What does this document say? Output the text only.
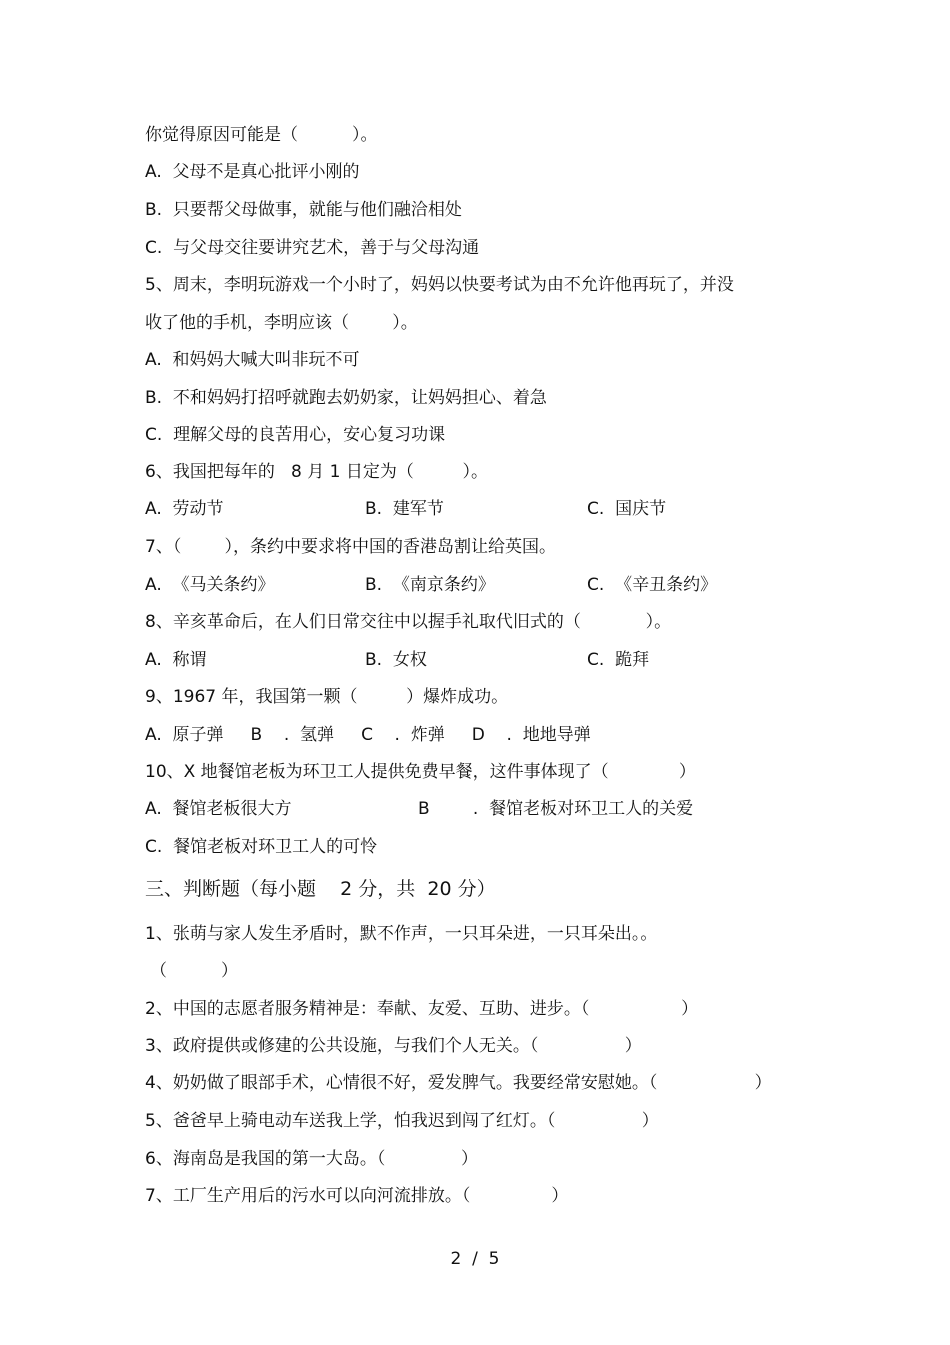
你觉得原因可能是（          ）。
A.  父母不是真心批评小刚的
B.  只要帮父母做事，就能与他们融洽相处
C.  与父母交往要讲究艺术，善于与父母沟通
5、周末，李明玩游戏一个小时了，妈妈以快要考试为由不允许他再玩了，并没
收了他的手机，李明应该（        ）。
A.  和妈妈大喊大叫非玩不可
B.  不和妈妈打招呼就跑去奶奶家，让妈妈担心、着急
C.  理解父母的良苦用心，安心复习功课
6、我国把每年的   8 月 1 日定为（         ）。
A.  劳动节	B.  建军节	C.  国庆节
7、（        ），条约中要求将中国的香港岛割让给英国。
A.  《马关条约》	B.  《南京条约》	C.  《辛丑条约》
8、辛亥革命后，在人们日常交往中以握手礼取代旧式的（            ）。
A.  称谓	B.  女权	C.  跪拜
9、1967 年，我国第一颗（         ）爆炸成功。
A.  原子弹     B    .  氢弹     C    .  炸弹     D    .  地地导弹
10、X 地餐馆老板为环卫工人提供免费早餐，这件事体现了（             ）
A.  餐馆老板很大方	B        .  餐馆老板对环卫工人的关爱
C.  餐馆老板对环卫工人的可怜
三、判断题（每小题    2 分，共  20 分）
1、张萌与家人发生矛盾时，默不作声，一只耳朵进，一只耳朵出。。
（          ）
2、中国的志愿者服务精神是：奉献、友爱、互助、进步。（                 ）
3、政府提供或修建的公共设施，与我们个人无关。（                ）
4、奶奶做了眼部手术，心情很不好，爱发脾气。我要经常安慰她。（                  ）
5、爸爸早上骑电动车送我上学，怕我迟到闯了红灯。（                ）
6、海南岛是我国的第一大岛。（              ）
7、工厂生产用后的污水可以向河流排放。（               ）
2  /  5
